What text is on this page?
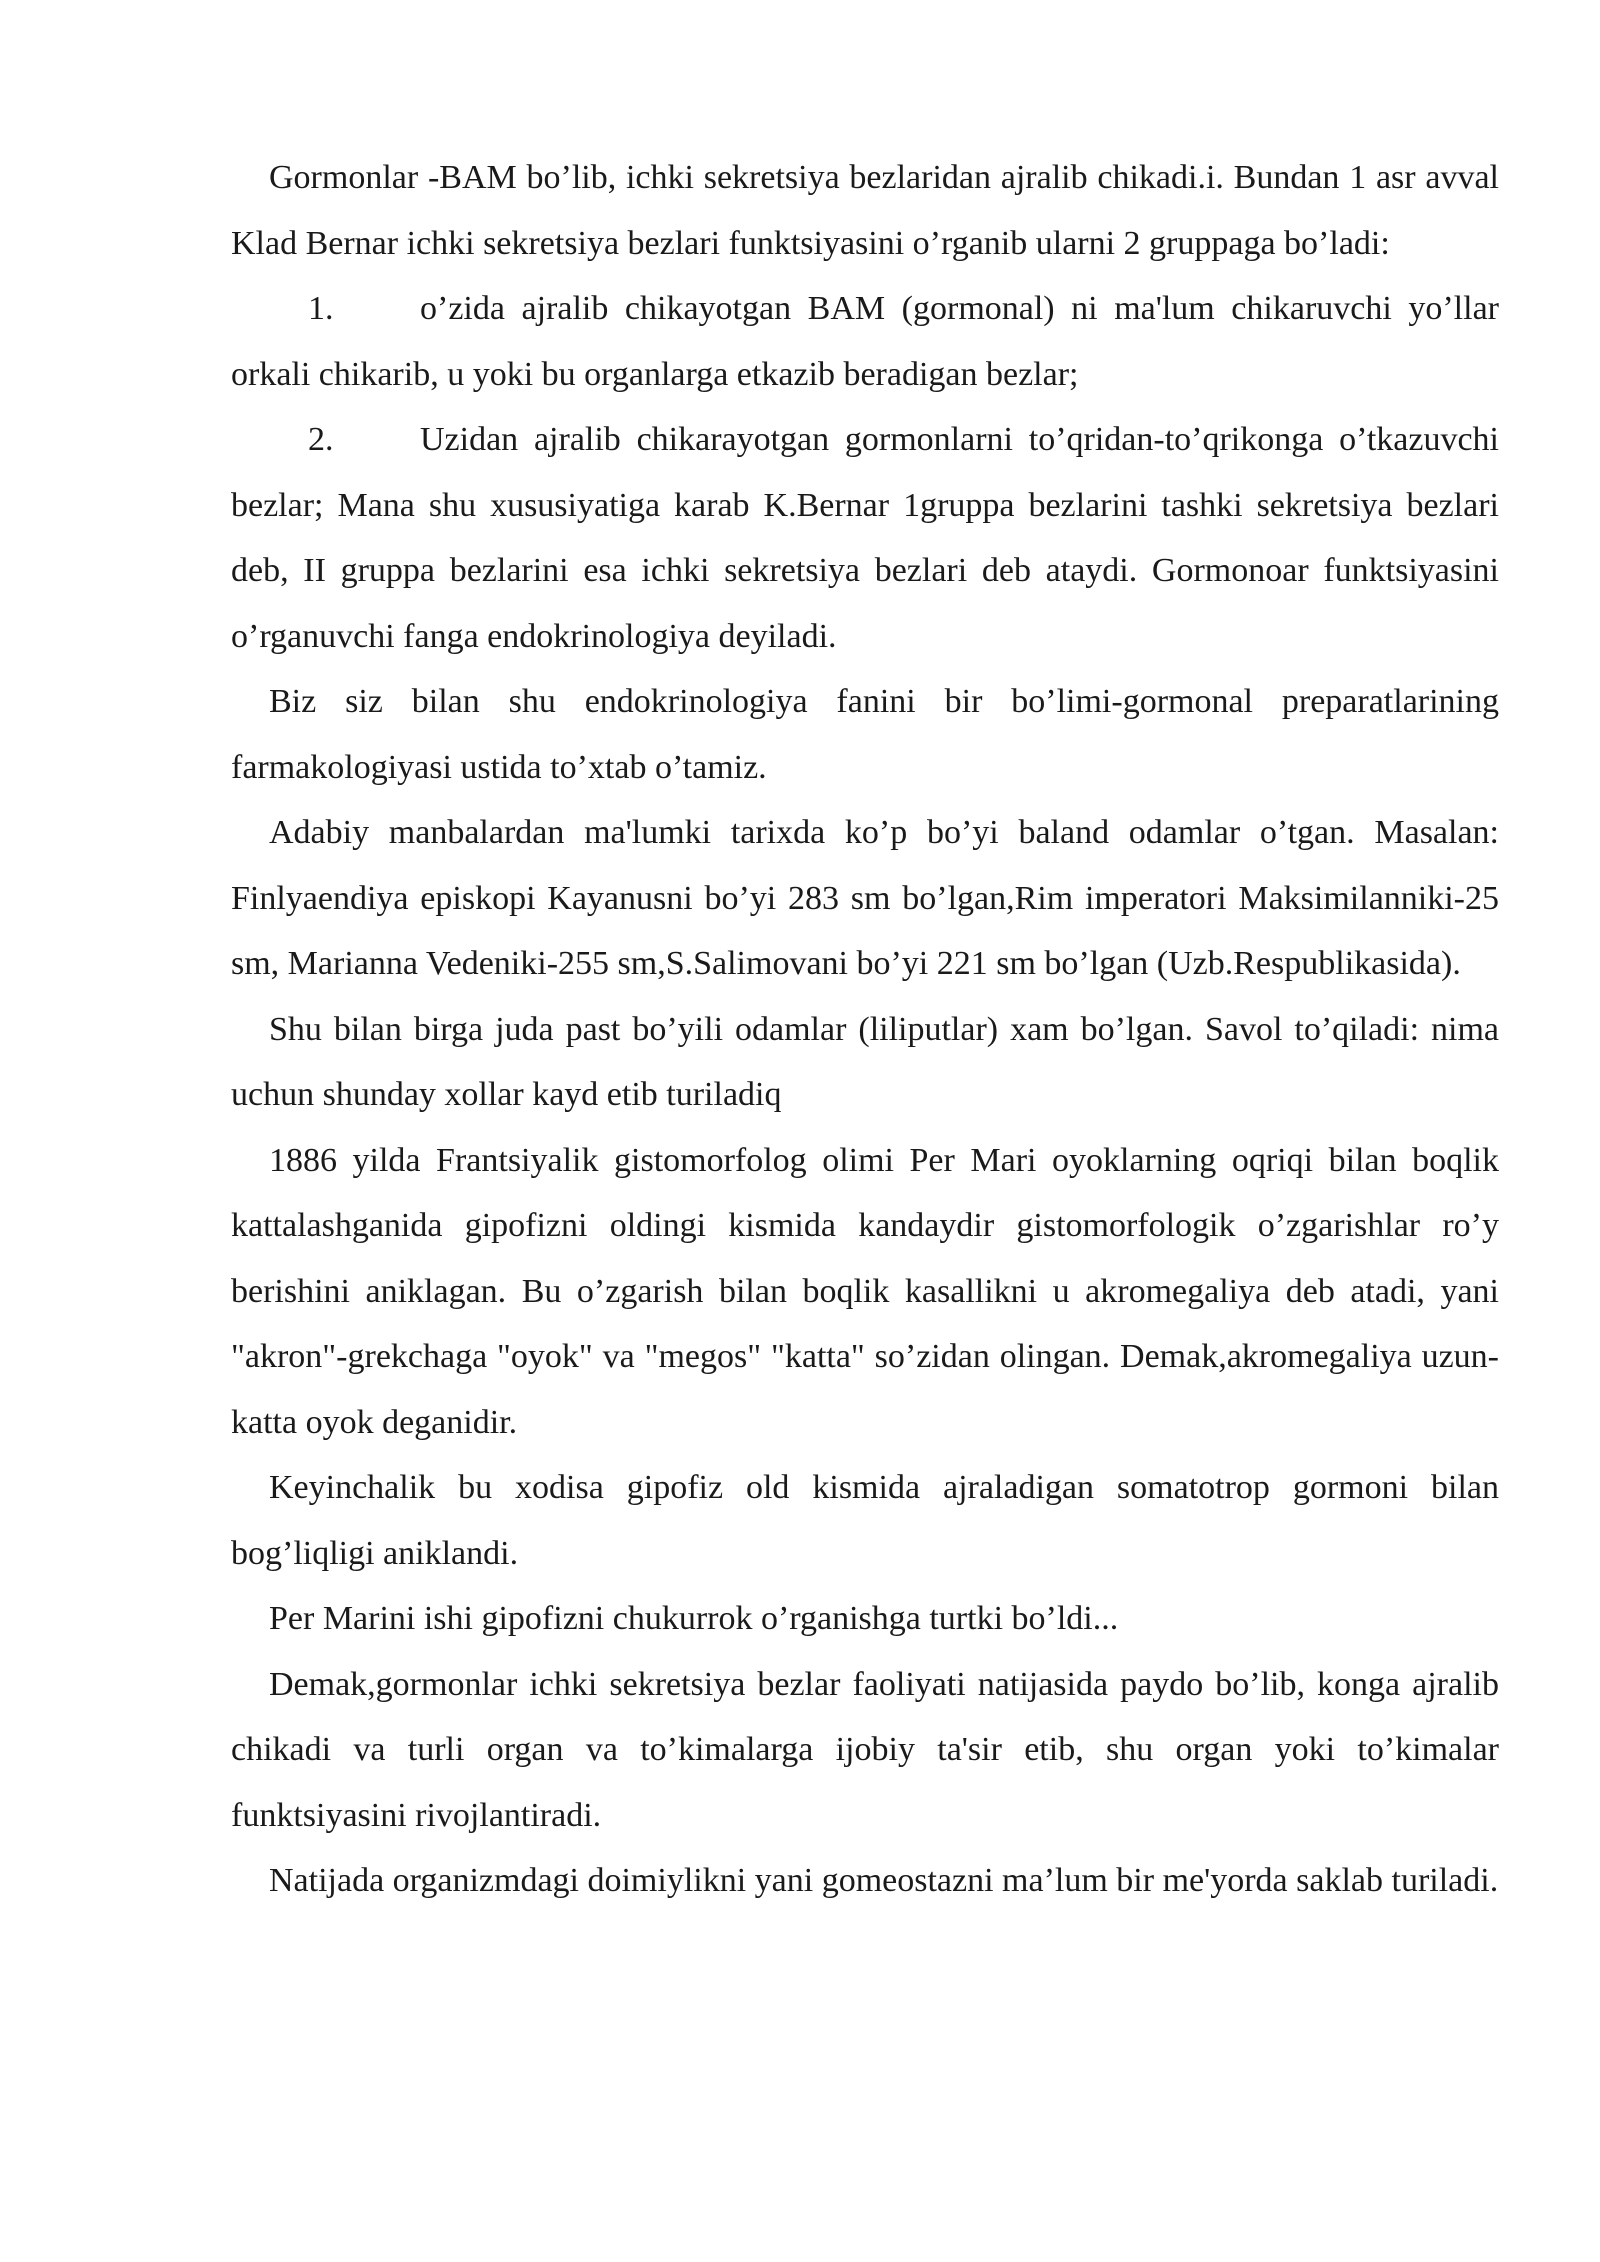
Gormonlar -BAM bo’lib, ichki sekretsiya bezlaridan ajralib chikadi.i. Bundan 1 asr avval Klad Bernar ichki sekretsiya bezlari funktsiyasini o’rganib ularni 2 gruppaga bo’ladi:

1.	o’zida ajralib chikayotgan BAM (gormonal) ni ma'lum chikaruvchi yo’llar orkali chikarib, u yoki bu organlarga etkazib beradigan bezlar;

2.	Uzidan ajralib chikarayotgan gormonlarni to’qridan-to’qrikonga o’tkazuvchi bezlar; Mana shu xususiyatiga karab K.Bernar 1gruppa bezlarini tashki sekretsiya bezlari deb, II gruppa bezlarini esa ichki sekretsiya bezlari deb ataydi. Gormonoar funktsiyasini o’rganuvchi fanga endokrinologiya deyiladi.

Biz siz bilan shu endokrinologiya fanini bir bo’limi-gormonal preparatlarining farmakologiyasi ustida to’xtab o’tamiz.

Adabiy manbalardan ma'lumki tarixda ko’p bo’yi baland odamlar o’tgan. Masalan: Finlyaendiya episkopi Kayanusni bo’yi 283 sm bo’lgan,Rim imperatori Maksimilanniki-25 sm, Marianna Vedeniki-255 sm,S.Salimovani bo’yi 221 sm bo’lgan (Uzb.Respublikasida).

Shu bilan birga juda past bo’yili odamlar (liliputlar) xam bo’lgan. Savol to’qiladi: nima uchun shunday xollar kayd etib turiladiq

1886 yilda Frantsiyalik gistomorfolog olimi Per Mari oyoklarning oqriqi bilan boqlik kattalashganida gipofizni oldingi kismida kandaydir gistomorfologik o’zgarishlar ro’y berishini aniklagan. Bu o’zgarish bilan boqlik kasallikni u akromegaliya deb atadi, yani "akron"-grekchaga "oyok" va "megos" "katta" so’zidan olingan. Demak,akromegaliya uzun-katta oyok deganidir.

Keyinchalik bu xodisa gipofiz old kismida ajraladigan somatotrop gormoni bilan bog’liqligi aniklandi.

Per Marini ishi gipofizni chukurrok o’rganishga turtki bo’ldi...

Demak,gormonlar ichki sekretsiya bezlar faoliyati natijasida paydo bo’lib, konga ajralib chikadi va turli organ va to’kimalarga ijobiy ta'sir etib, shu organ yoki to’kimalar funktsiyasini rivojlantiradi.

Natijada organizmdagi doimiylikni yani gomeostazni ma’lum bir me'yorda saklab turiladi.
